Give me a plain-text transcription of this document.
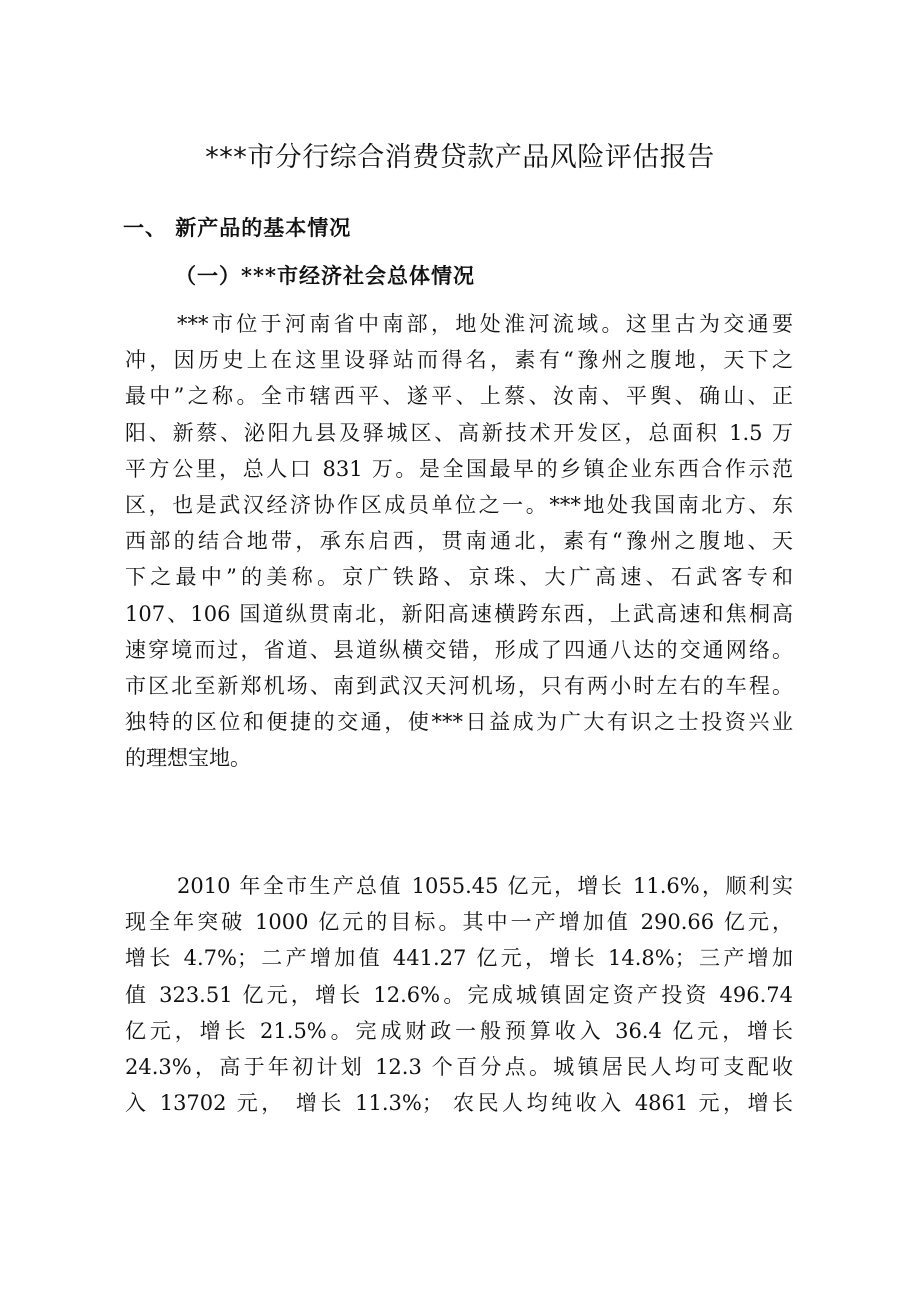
***市分行综合消费贷款产品风险评估报告
一、 新产品的基本情况
（一）***市经济社会总体情况

***市位于河南省中南部，地处淮河流域。这里古为交通要
冲，因历史上在这里设驿站而得名，素有“豫州之腹地，天下之
最中”之称。全市辖西平、遂平、上蔡、汝南、平舆、确山、正
阳、新蔡、泌阳九县及驿城区、高新技术开发区，总面积 1.5 万
平方公里，总人口 831 万。是全国最早的乡镇企业东西合作示范
区，也是武汉经济协作区成员单位之一。***地处我国南北方、东
西部的结合地带，承东启西，贯南通北，素有“豫州之腹地、天
下之最中”的美称。京广铁路、京珠、大广高速、石武客专和
107、106 国道纵贯南北，新阳高速横跨东西，上武高速和焦桐高
速穿境而过，省道、县道纵横交错，形成了四通八达的交通网络。
市区北至新郑机场、南到武汉天河机场，只有两小时左右的车程。
独特的区位和便捷的交通，使***日益成为广大有识之士投资兴业
的理想宝地。

2010 年全市生产总值 1055.45 亿元，增长 11.6%，顺利实
现全年突破 1000 亿元的目标。其中一产增加值 290.66 亿元，
增长 4.7%；二产增加值 441.27 亿元，增长 14.8%；三产增加
值 323.51 亿元，增长 12.6%。完成城镇固定资产投资 496.74
亿元，增长 21.5%。完成财政一般预算收入 36.4 亿元，增长
24.3%，高于年初计划 12.3 个百分点。城镇居民人均可支配收
入 13702 元， 增长 11.3%； 农民人均纯收入 4861 元，增长
